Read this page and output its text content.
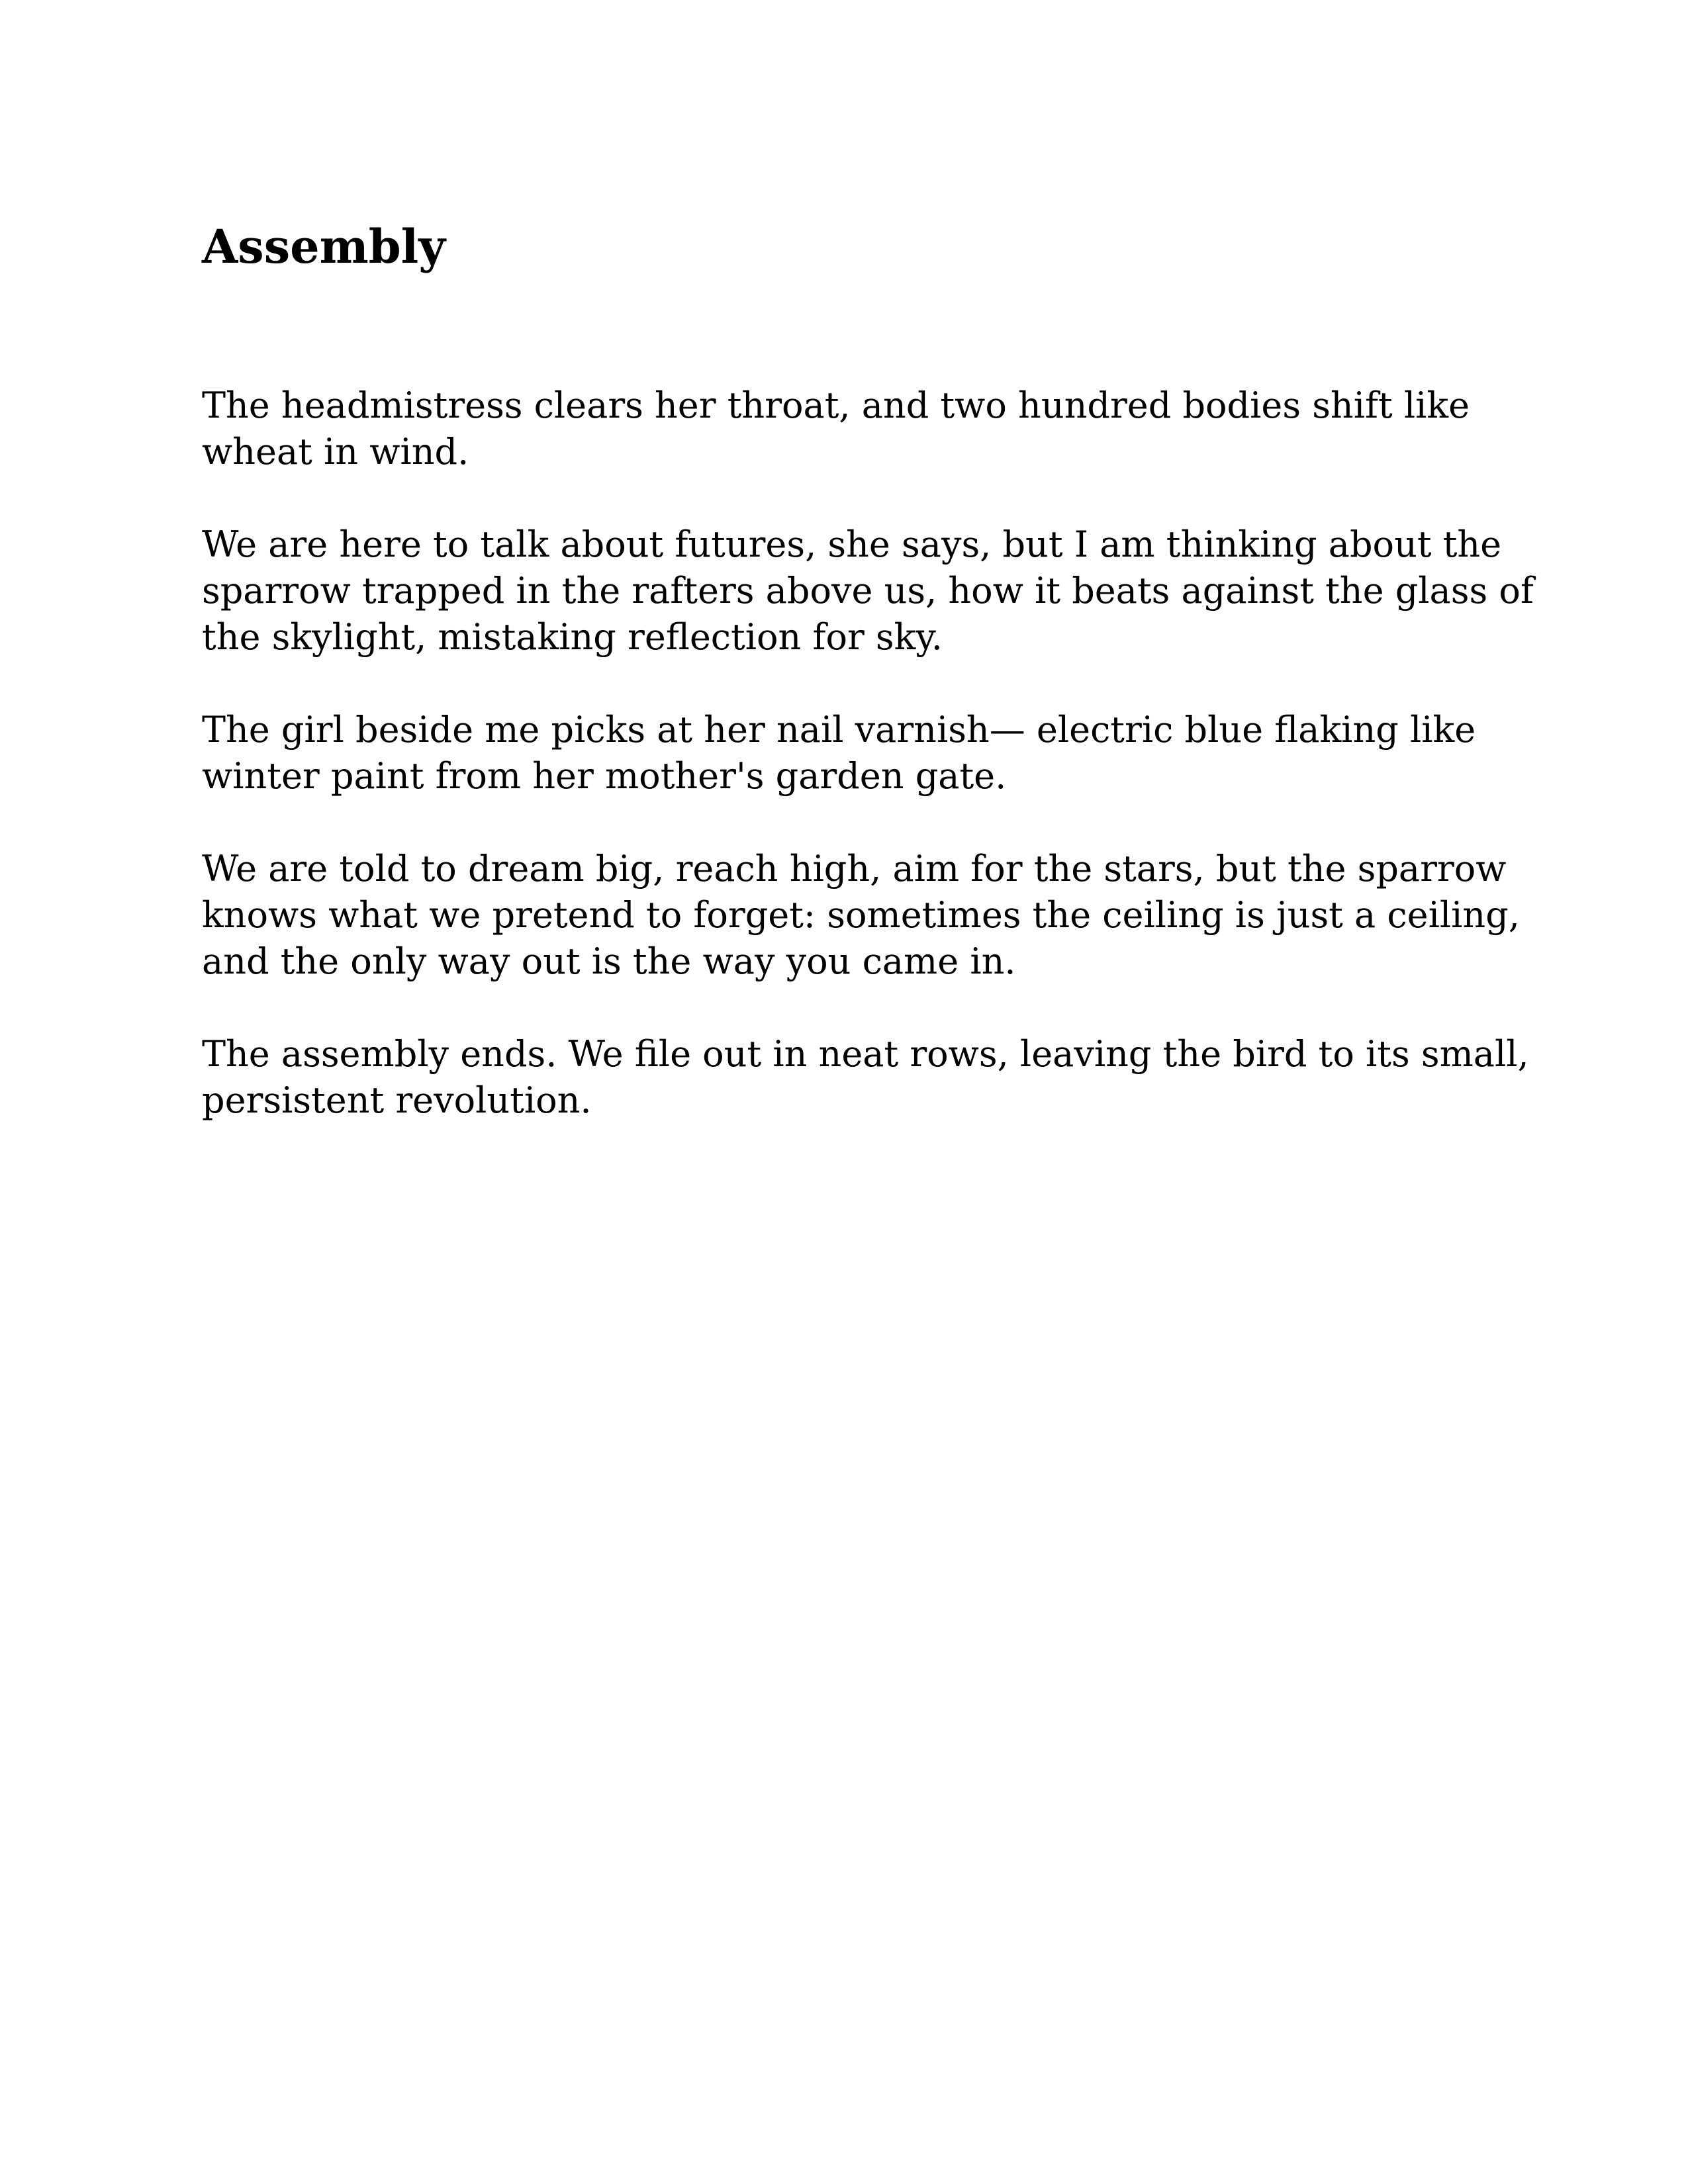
Assembly

The headmistress clears her throat, and two hundred bodies shift like wheat in wind.

We are here to talk about futures, she says, but I am thinking about the sparrow trapped in the rafters above us, how it beats against the glass of the skylight, mistaking reflection for sky.

The girl beside me picks at her nail varnish— electric blue flaking like winter paint from her mother's garden gate.

We are told to dream big, reach high, aim for the stars, but the sparrow knows what we pretend to forget: sometimes the ceiling is just a ceiling, and the only way out is the way you came in.

The assembly ends. We file out in neat rows, leaving the bird to its small, persistent revolution.
